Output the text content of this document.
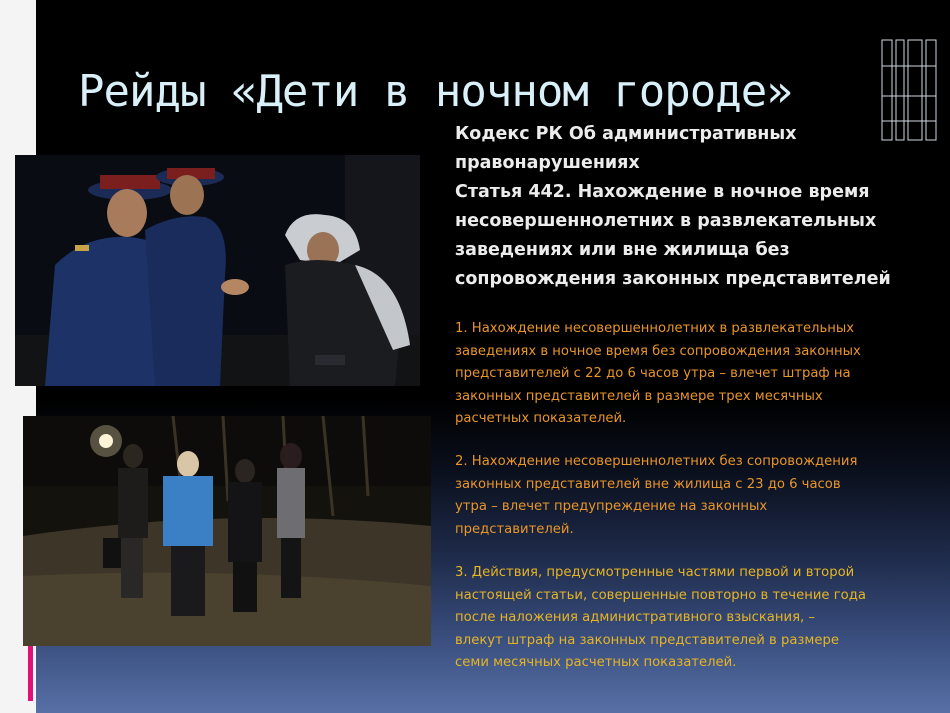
Рейды «Дети в ночном городе»
Кодекс РК Об административных
правонарушениях
Статья 442. Нахождение в ночное время
несовершеннолетних в развлекательных
заведениях или вне жилища без
сопровождения законных представителей
1. Нахождение несовершеннолетних в развлекательных
заведениях в ночное время без сопровождения законных
представителей с 22 до 6 часов утра – влечет штраф на
законных представителей в размере трех месячных
расчетных показателей.
2. Нахождение несовершеннолетних без сопровождения
законных представителей вне жилища с 23 до 6 часов
утра – влечет предупреждение на законных
представителей.
3. Действия, предусмотренные частями первой и второй
настоящей статьи, совершенные повторно в течение года
после наложения административного взыскания, –
влекут штраф на законных представителей в размере
семи месячных расчетных показателей.
